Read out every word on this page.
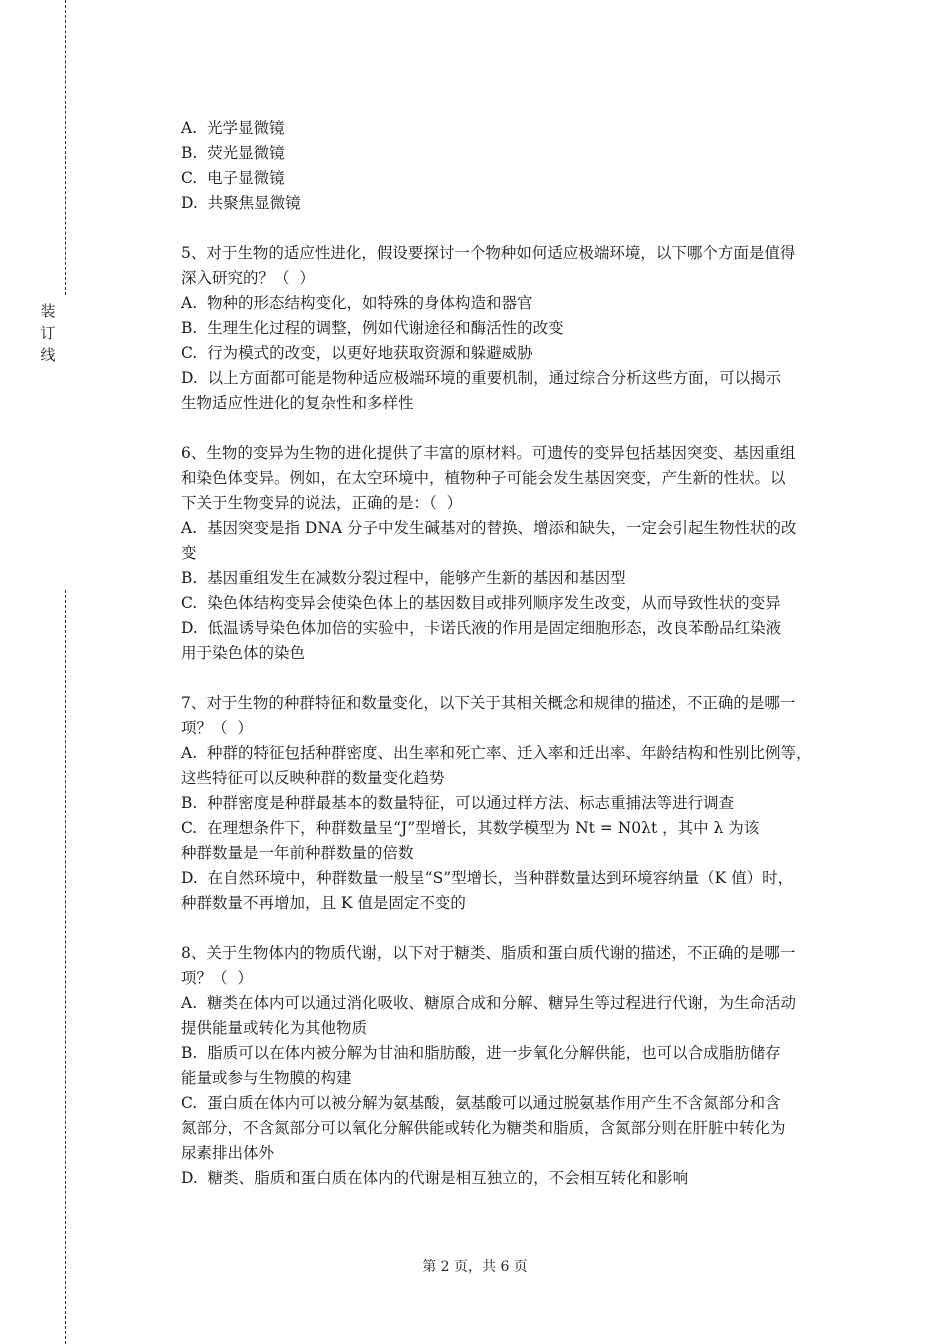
装
订
线

A.  光学显微镜

B.  荧光显微镜

C.  电子显微镜

D.  共聚焦显微镜

5、对于生物的适应性进化，假设要探讨一个物种如何适应极端环境，以下哪个方面是值得

深入研究的？（  ）

A.  物种的形态结构变化，如特殊的身体构造和器官

B.  生理生化过程的调整，例如代谢途径和酶活性的改变

C.  行为模式的改变，以更好地获取资源和躲避威胁

D.  以上方面都可能是物种适应极端环境的重要机制，通过综合分析这些方面，可以揭示

生物适应性进化的复杂性和多样性

6、生物的变异为生物的进化提供了丰富的原材料。可遗传的变异包括基因突变、基因重组

和染色体变异。例如，在太空环境中，植物种子可能会发生基因突变，产生新的性状。以

下关于生物变异的说法，正确的是：（  ）

A.  基因突变是指 DNA 分子中发生碱基对的替换、增添和缺失，一定会引起生物性状的改

变

B.  基因重组发生在减数分裂过程中，能够产生新的基因和基因型

C.  染色体结构变异会使染色体上的基因数目或排列顺序发生改变，从而导致性状的变异

D.  低温诱导染色体加倍的实验中，卡诺氏液的作用是固定细胞形态，改良苯酚品红染液

用于染色体的染色

7、对于生物的种群特征和数量变化，以下关于其相关概念和规律的描述，不正确的是哪一

项？（  ）

A.  种群的特征包括种群密度、出生率和死亡率、迁入率和迁出率、年龄结构和性别比例等，

这些特征可以反映种群的数量变化趋势

B.  种群密度是种群最基本的数量特征，可以通过样方法、标志重捕法等进行调查

C.  在理想条件下，种群数量呈“J”型增长，其数学模型为 Nt = N0λt ，其中 λ 为该

种群数量是一年前种群数量的倍数

D.  在自然环境中，种群数量一般呈“S”型增长，当种群数量达到环境容纳量（K 值）时，

种群数量不再增加，且 K 值是固定不变的

8、关于生物体内的物质代谢，以下对于糖类、脂质和蛋白质代谢的描述，不正确的是哪一

项？（  ）

A.  糖类在体内可以通过消化吸收、糖原合成和分解、糖异生等过程进行代谢，为生命活动

提供能量或转化为其他物质

B.  脂质可以在体内被分解为甘油和脂肪酸，进一步氧化分解供能，也可以合成脂肪储存

能量或参与生物膜的构建

C.  蛋白质在体内可以被分解为氨基酸，氨基酸可以通过脱氨基作用产生不含氮部分和含

氮部分，不含氮部分可以氧化分解供能或转化为糖类和脂质，含氮部分则在肝脏中转化为

尿素排出体外

D.  糖类、脂质和蛋白质在体内的代谢是相互独立的，不会相互转化和影响

第 2 页，共 6 页
